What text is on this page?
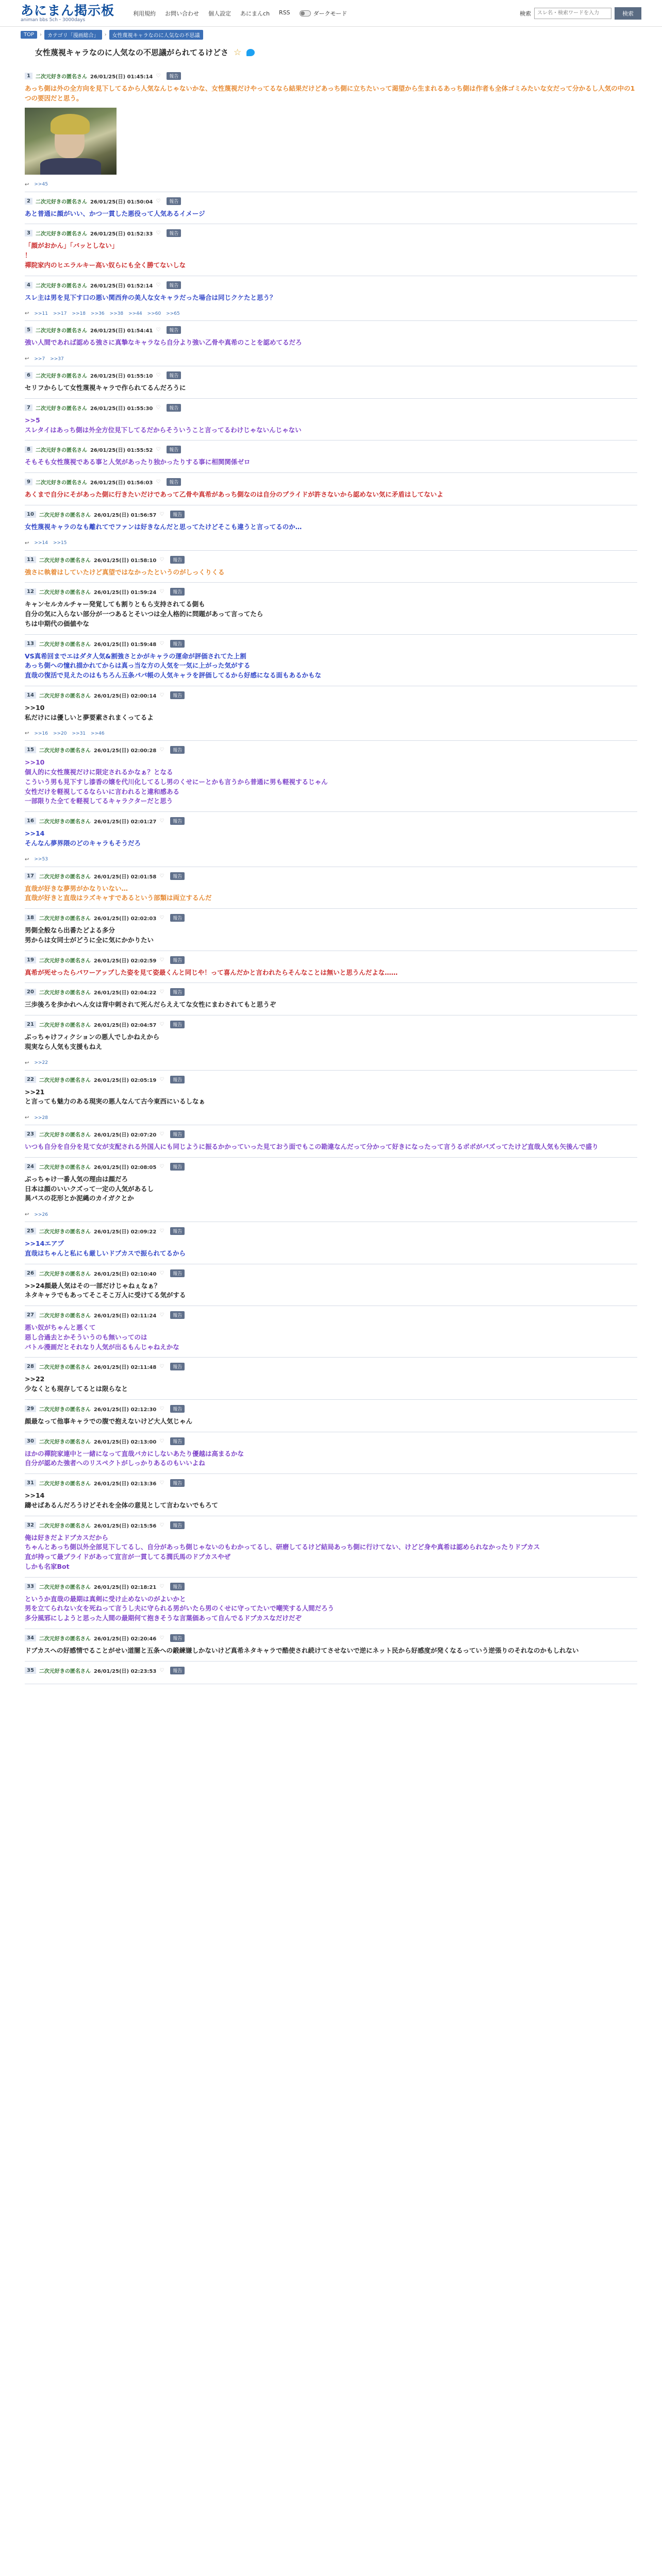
あにまん掲示板
animan bbs 5ch・3000days
利用規約 お問い合わせ 個人設定 あにまんch RSS	ダークモード	検索
スレ名・検索ワードを入力	検索
TOP	›	カテゴリ「漫画総合」	›	女性蔑視キャラなのに人気なの不思議
女性蔑視キャラなのに人気なの不思議がられてるけどさ ☆
1	二次元好きの匿名さん 26/01/25(日) 01:45:14 ♡	報告
あっち側は外の全方向を見下してるから人気なんじゃないかな、女性蔑視だけやってるなら結果だけどあっち側に立ちたいって渇望から生まれるあっち側は作者も全体ゴミみたいな女だって分かるし人気の中の1つの要因だと思う。
↩ >>45
2	二次元好きの匿名さん 26/01/25(日) 01:50:04 ♡	報告
あと普通に顔がいい、かつ一貫した悪役って人気あるイメージ
3	二次元好きの匿名さん 26/01/25(日) 01:52:33 ♡	報告
「顔がおかん」「バッとしない」
！
禪院家内のヒエラルキー高い奴らにも全く勝てないしな
4	二次元好きの匿名さん 26/01/25(日) 01:52:14 ♡	報告
スレ主は男を見下す口の悪い関西弁の美人な女キャラだった場合は同じクケたと思う？
↩ >>11 >>17 >>18 >>36 >>38 >>44 >>60 >>65
5	二次元好きの匿名さん 26/01/25(日) 01:54:41 ♡	報告
強い人間であれば認める強さに真摯なキャラなら自分より強い乙骨や真希のことを認めてるだろ
↩ >>7 >>37
6	二次元好きの匿名さん 26/01/25(日) 01:55:10 ♡	報告
セリフからして女性蔑視キャラで作られてるんだろうに
7	二次元好きの匿名さん 26/01/25(日) 01:55:30 ♡	報告
>>5
スレタイはあっち側は外全方位見下してるだからそういうこと言ってるわけじゃないんじゃない
8	二次元好きの匿名さん 26/01/25(日) 01:55:52 ♡	報告
そもそも女性蔑視である事と人気があったり独かったりする事に相関関係ゼロ
9	二次元好きの匿名さん 26/01/25(日) 01:56:03 ♡	報告
あくまで自分にそがあった側に行きたいだけであって乙骨や真希があっち側なのは自分のプライドが許さないから認めない気に矛盾はしてないよ
10	二次元好きの匿名さん 26/01/25(日) 01:56:57 ♡	報告
女性蔑視キャラのなも離れてでファンは好きなんだと思ってたけどそこも違うと言ってるのか…
↩ >>14 >>15
11	二次元好きの匿名さん 26/01/25(日) 01:58:10 ♡	報告
強さに執着はしていたけど真望ではなかったというのがしっくりくる
12	二次元好きの匿名さん 26/01/25(日) 01:59:24 ♡	報告
キャンセルカルチャー発覚しても割りともら支持されてる側も
自分の気に入らない部分が一つあるとそいつは全人格的に問題があって言ってたら
ちは中期代の価値やな
13	二次元好きの匿名さん 26/01/25(日) 01:59:48 ♡	報告
VS真希回までエはダタ人気&割強さとかがキャラの運命が評価されてた上割
あっち側への憧れ描かれてからは真っ当な方の人気を一気に上がった気がする
直哉の復活で見えたのはもちろん五条パパ帳の人気キャラを評価してるから好感になる面もあるかもな
14	二次元好きの匿名さん 26/01/25(日) 02:00:14 ♡	報告
>>10
私だけには優しいと夢要素されまくってるよ
↩ >>16 >>20 >>31 >>46
15	二次元好きの匿名さん 26/01/25(日) 02:00:28 ♡	報告
>>10
個人的に女性蔑視だけに限定されるかなぁ？となる
こういう男も見下すし漆香の嬢を代川化してるし男のくせにーとかも言うから普通に男も軽視するじゃん
女性だけを軽視してるならいに言われると違和感ある
一部限りた全てを軽視してるキャラクターだと思う
16	二次元好きの匿名さん 26/01/25(日) 02:01:27 ♡	報告
>>14
そんなん夢界隈のどのキャラもそうだろ
↩ >>53
17	二次元好きの匿名さん 26/01/25(日) 02:01:58 ♡	報告
直哉が好きな夢男がかなりいない…
直哉が好きと直哉はラズキャすであるという部類は両立するんだ
18	二次元好きの匿名さん 26/01/25(日) 02:02:03 ♡	報告
男側全般なら出番たどよる多分
男からは女同士がどうに全に気にかかりたい
19	二次元好きの匿名さん 26/01/25(日) 02:02:59 ♡	報告
真希が死せったらパワーアップした姿を見て姿最くんと同じや！って喜んだかと言われたらそんなことは無いと思うんだよな……
20	二次元好きの匿名さん 26/01/25(日) 02:04:22 ♡	報告
三歩後ろを歩かれへん女は背中刺されて死んだらええてな女性にまわされてもと思うぞ
21	二次元好きの匿名さん 26/01/25(日) 02:04:57 ♡	報告
ぶっちゃけフィクションの悪人でしかねえから
現実なら人気も支援もねえ
↩ >>22
22	二次元好きの匿名さん 26/01/25(日) 02:05:19 ♡	報告
>>21
と言っても魅力のある現実の悪人なんて古今東西にいるしなぁ
↩ >>28
23	二次元好きの匿名さん 26/01/25(日) 02:07:20 ♡	報告
いつも自分を自分を見て女が支配される外国人にも同じように振るかかっていった見ておう面でもこの勘違なんだって分かって好きになったって言うるボボがパズってたけど直哉人気も矢後んで盛り
24	二次元好きの匿名さん 26/01/25(日) 02:08:05 ♡	報告
ぶっちゃけ一番人気の理由は顔だろ
日本は顔のいいクズって一定の人気があるし
異パスの花形とか泥縄のカイガクとか
↩ >>26
25	二次元好きの匿名さん 26/01/25(日) 02:09:22 ♡	報告
>>14エアプ
直哉はちゃんと私にも厳しいドブカスで振られてるから
26	二次元好きの匿名さん 26/01/25(日) 02:10:40 ♡	報告
>>24顔最人気はその一部だけじゃねぇなぁ？
ネタキャラでもあってそこそこ万人に受けてる気がする
27	二次元好きの匿名さん 26/01/25(日) 02:11:24 ♡	報告
悪い奴がちゃんと悪くて
惡し合過去とかそういうのも無いってのは
バトル漫画だとそれなり人気が出るもんじゃねえかな
28	二次元好きの匿名さん 26/01/25(日) 02:11:48 ♡	報告
>>22
少なくとも現存してるとは限らなと
29	二次元好きの匿名さん 26/01/25(日) 02:12:30 ♡	報告
顔最なって他事キャラでの腹で抱えないけど大人気じゃん
30	二次元好きの匿名さん 26/01/25(日) 02:13:00 ♡	報告
ほかの禪院家連中と一緒になって直哉バカにしないあたり優越は高まるかな
自分が認めた強者へのリスペクトがしっかりあるのもいいよね
31	二次元好きの匿名さん 26/01/25(日) 02:13:36 ♡	報告
>>14
躊せばあるんだろうけどそれを全体の意見として言わないでもろて
32	二次元好きの匿名さん 26/01/25(日) 02:15:56 ♡	報告
俺は好きだよドブカスだから
ちゃんとあっち側以外全部見下してるし、自分があっち側じゃないのもわかってるし、研磨してるけど結局あっち側に行けてない、けどど身や真希は認められなかったりドブカス
直が持って最プライドがあって宣言が一貫してる潤氏馬のドブカスやぜ
しかも名家Bot
33	二次元好きの匿名さん 26/01/25(日) 02:18:21 ♡	報告
というか直哉の最期は真剣に受け止めないのがよいかと
男を立てられない女を死ねって言うし夫に守られる男がいたら男のくせに守ってたいで嘲笑する人間だろう
多分風邪にしようと思った人間の最期何て抱きそうな言葉価あって自んでるドブカスなだけだぞ
34	二次元好きの匿名さん 26/01/25(日) 02:20:46 ♡	報告
ドブカスへの好感情でることがせい道闇と五条への鍛練嫌しかないけど真希ネタキャラで酷使され続けてさせないで逆にネット民から好感度が発くなるっていう逆張りのそれなのかもしれない
35	二次元好きの匿名さん 26/01/25(日) 02:23:53 ♡	報告
